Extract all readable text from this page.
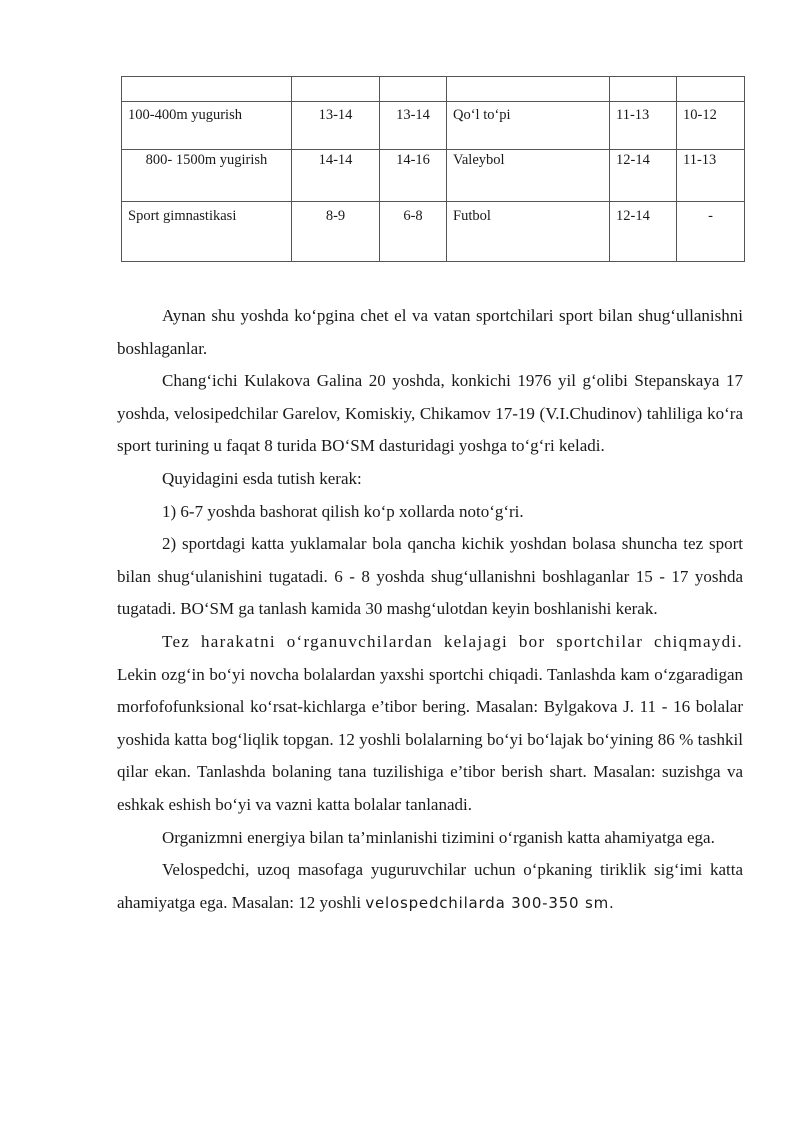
100-400m yugurish	13-14	13-14	Qo‘l to‘pi	11-13	10-12
800- 1500m yugirish	14-14	14-16	Valeybol	12-14	11-13
Sport gimnastikasi	8-9	6-8	Futbol	12-14	-

Aynan shu yoshda ko‘pgina chet el va vatan sportchilari sport bilan shug‘ullanishni boshlaganlar.

Chang‘ichi Kulakova Galina 20 yoshda, konkichi 1976 yil g‘olibi Stepanskaya 17 yoshda, velosipedchilar Garelov, Komiskiy, Chikamov 17-19 (V.I.Chudinov) tahliliga ko‘ra sport turining u faqat 8 turida BO‘SM dasturidagi yoshga to‘g‘ri keladi.

Quyidagini esda tutish kerak:

1) 6-7 yoshda bashorat qilish ko‘p xollarda noto‘g‘ri.

2) sportdagi katta yuklamalar bola qancha kichik yoshdan bolasa shuncha tez sport bilan shug‘ulanishini tugatadi. 6 - 8 yoshda shug‘ullanishni boshlaganlar 15 - 17 yoshda tugatadi. BO‘SM ga tanlash kamida 30 mashg‘ulotdan keyin boshlanishi kerak.

Tez harakatni o‘rganuvchilardan kelajagi bor sportchilar chiqmaydi. Lekin ozg‘in bo‘yi novcha bolalardan yaxshi sportchi chiqadi. Tanlashda kam o‘zgaradigan morfofofunksional ko‘rsat-kichlarga e’tibor bering. Masalan: Bylgakova J. 11 - 16 bolalar yoshida katta bog‘liqlik topgan. 12 yoshli bolalarning bo‘yi bo‘lajak bo‘yining 86 % tashkil qilar ekan. Tanlashda bolaning tana tuzilishiga e’tibor berish shart. Masalan: suzishga va eshkak eshish bo‘yi va vazni katta bolalar tanlanadi.

Organizmni energiya bilan ta’minlanishi tizimini o‘rganish katta ahamiyatga ega.

Velospedchi, uzoq masofaga yuguruvchilar uchun o‘pkaning tiriklik sig‘imi katta ahamiyatga ega. Masalan: 12 yoshli velospedchilarda 300-350 sm.
